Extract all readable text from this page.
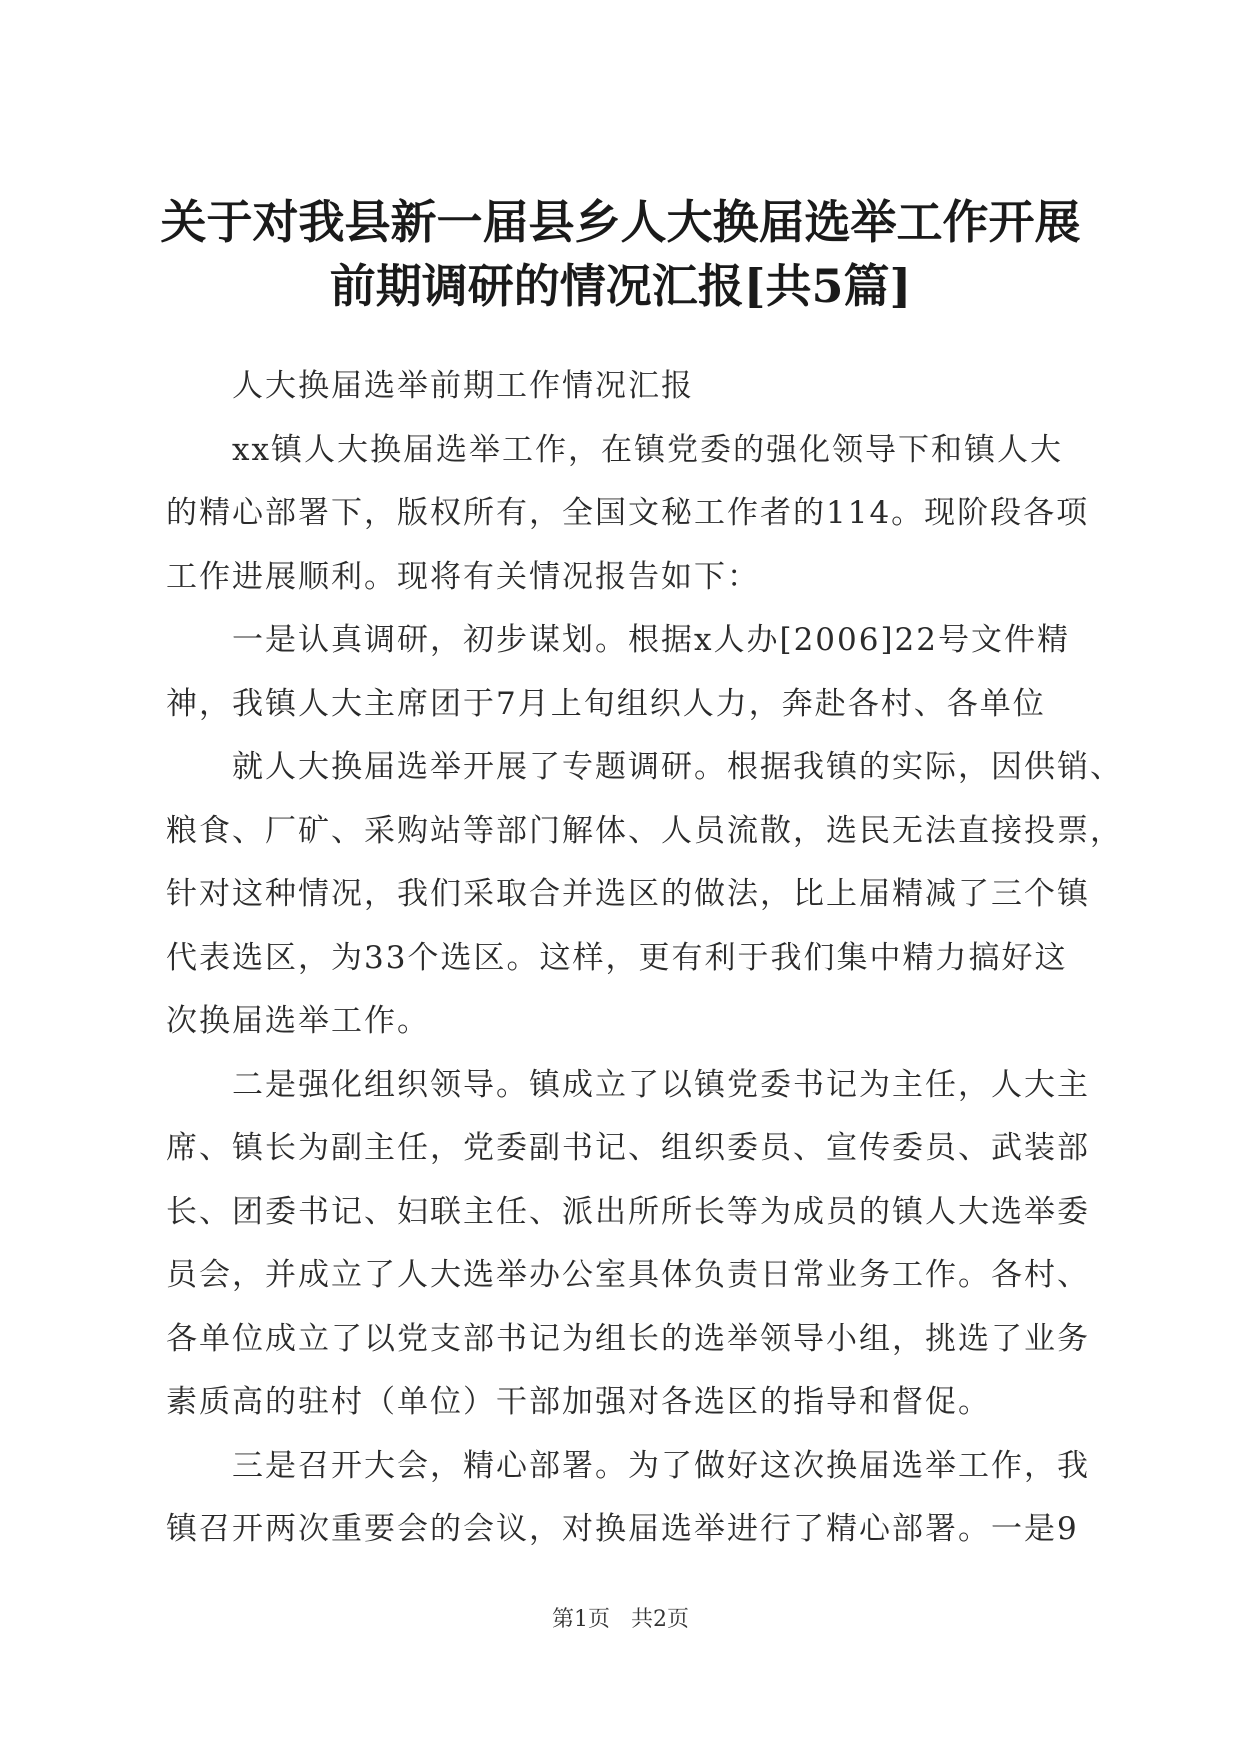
关于对我县新一届县乡人大换届选举工作开展
前期调研的情况汇报[共5篇]
人大换届选举前期工作情况汇报
xx镇人大换届选举工作，在镇党委的强化领导下和镇人大
的精心部署下，版权所有，全国文秘工作者的114。现阶段各项
工作进展顺利。现将有关情况报告如下：
一是认真调研，初步谋划。根据x人办[2006]22号文件精
神，我镇人大主席团于7月上旬组织人力，奔赴各村、各单位
就人大换届选举开展了专题调研。根据我镇的实际，因供销、
粮食、厂矿、采购站等部门解体、人员流散，选民无法直接投票，
针对这种情况，我们采取合并选区的做法，比上届精减了三个镇
代表选区，为33个选区。这样，更有利于我们集中精力搞好这
次换届选举工作。
二是强化组织领导。镇成立了以镇党委书记为主任，人大主
席、镇长为副主任，党委副书记、组织委员、宣传委员、武装部
长、团委书记、妇联主任、派出所所长等为成员的镇人大选举委
员会，并成立了人大选举办公室具体负责日常业务工作。各村、
各单位成立了以党支部书记为组长的选举领导小组，挑选了业务
素质高的驻村（单位）干部加强对各选区的指导和督促。
三是召开大会，精心部署。为了做好这次换届选举工作，我
镇召开两次重要会的会议，对换届选举进行了精心部署。一是9
第1页 共2页
